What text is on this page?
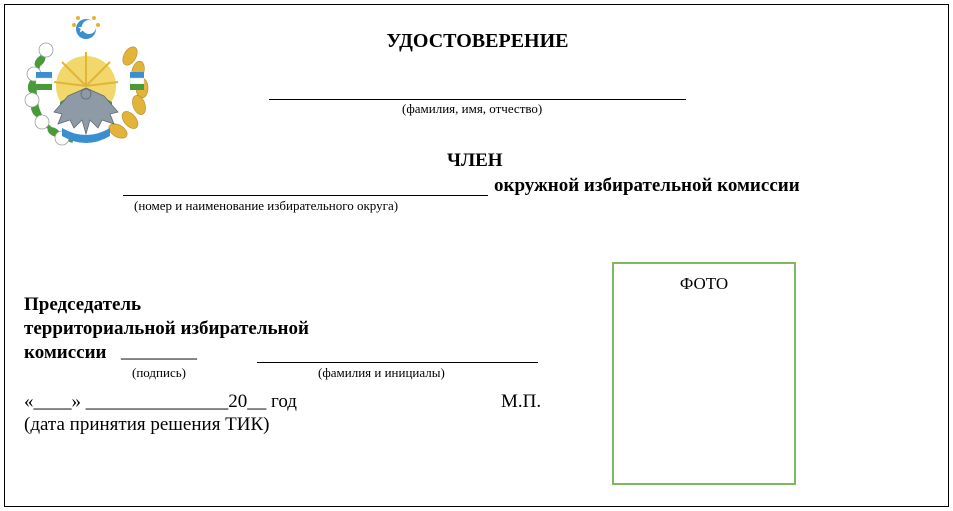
УДОСТОВЕРЕНИЕ
(фамилия, имя, отчество)
ЧЛЕН
окружной избирательной комиссии
(номер и наименование избирательного округа)
Председатель
территориальной избирательной
комиссии ________
(подпись)	(фамилия и инициалы)
«____» _______________20__ год	М.П.
(дата принятия решения ТИК)
ФОТО
